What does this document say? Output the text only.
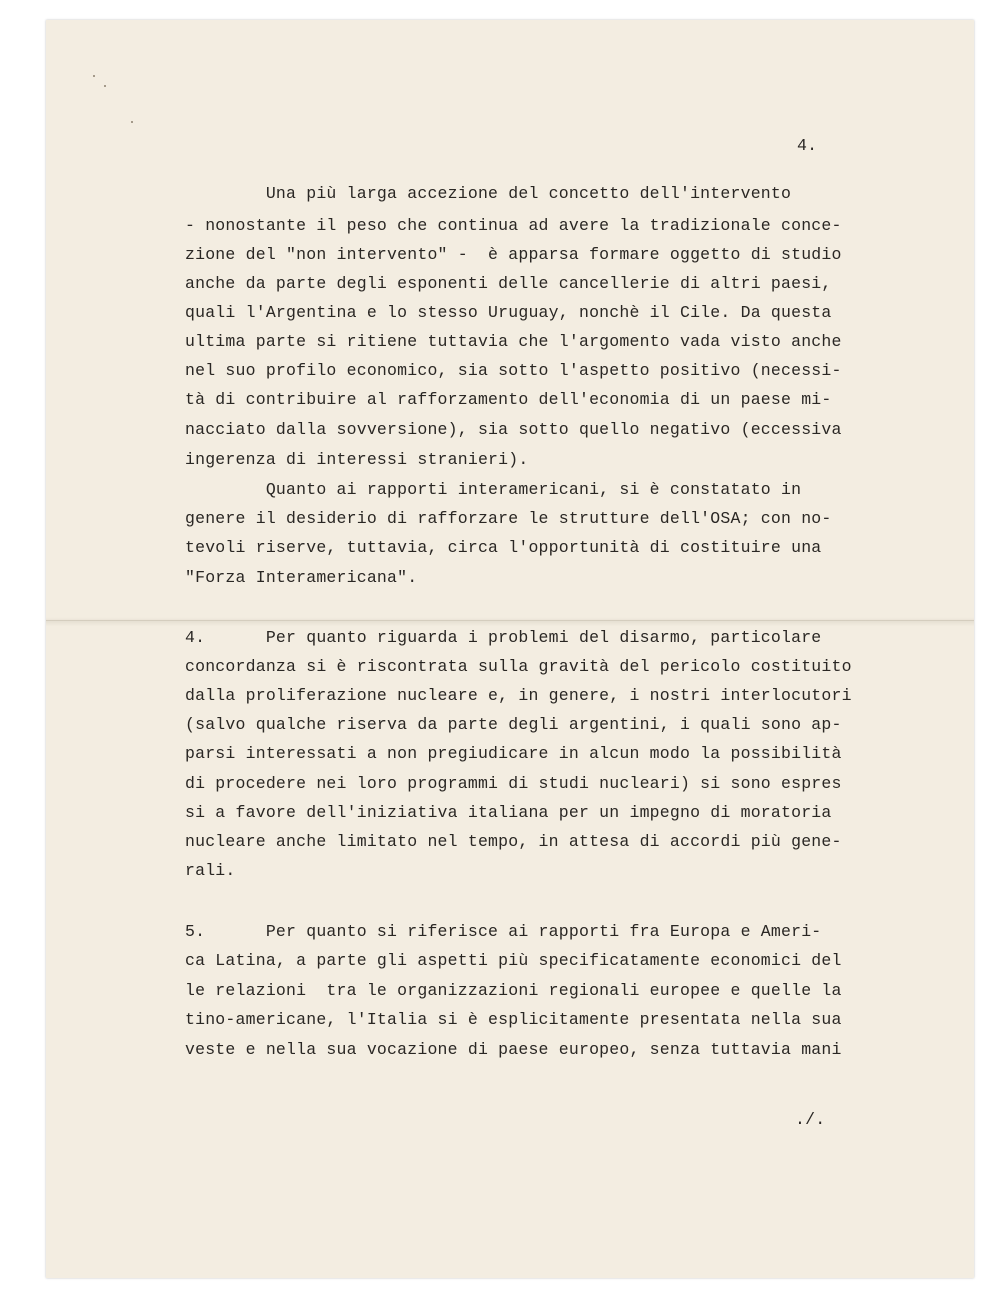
4.
Una più larga accezione del concetto dell'intervento
- nonostante il peso che continua ad avere la tradizionale conce-
zione del "non intervento" -  è apparsa formare oggetto di studio
anche da parte degli esponenti delle cancellerie di altri paesi,
quali l'Argentina e lo stesso Uruguay, nonchè il Cile. Da questa
ultima parte si ritiene tuttavia che l'argomento vada visto anche
nel suo profilo economico, sia sotto l'aspetto positivo (necessi-
tà di contribuire al rafforzamento dell'economia di un paese mi-
nacciato dalla sovversione), sia sotto quello negativo (eccessiva
ingerenza di interessi stranieri).
Quanto ai rapporti interamericani, si è constatato in
genere il desiderio di rafforzare le strutture dell'OSA; con no-
tevoli riserve, tuttavia, circa l'opportunità di costituire una
"Forza Interamericana".
4.      Per quanto riguarda i problemi del disarmo, particolare
concordanza si è riscontrata sulla gravità del pericolo costituito
dalla proliferazione nucleare e, in genere, i nostri interlocutori
(salvo qualche riserva da parte degli argentini, i quali sono ap-
parsi interessati a non pregiudicare in alcun modo la possibilità
di procedere nei loro programmi di studi nucleari) si sono espres
si a favore dell'iniziativa italiana per un impegno di moratoria
nucleare anche limitato nel tempo, in attesa di accordi più gene-
rali.
5.      Per quanto si riferisce ai rapporti fra Europa e Ameri-
ca Latina, a parte gli aspetti più specificatamente economici del
le relazioni  tra le organizzazioni regionali europee e quelle la
tino-americane, l'Italia si è esplicitamente presentata nella sua
veste e nella sua vocazione di paese europeo, senza tuttavia mani
./.
